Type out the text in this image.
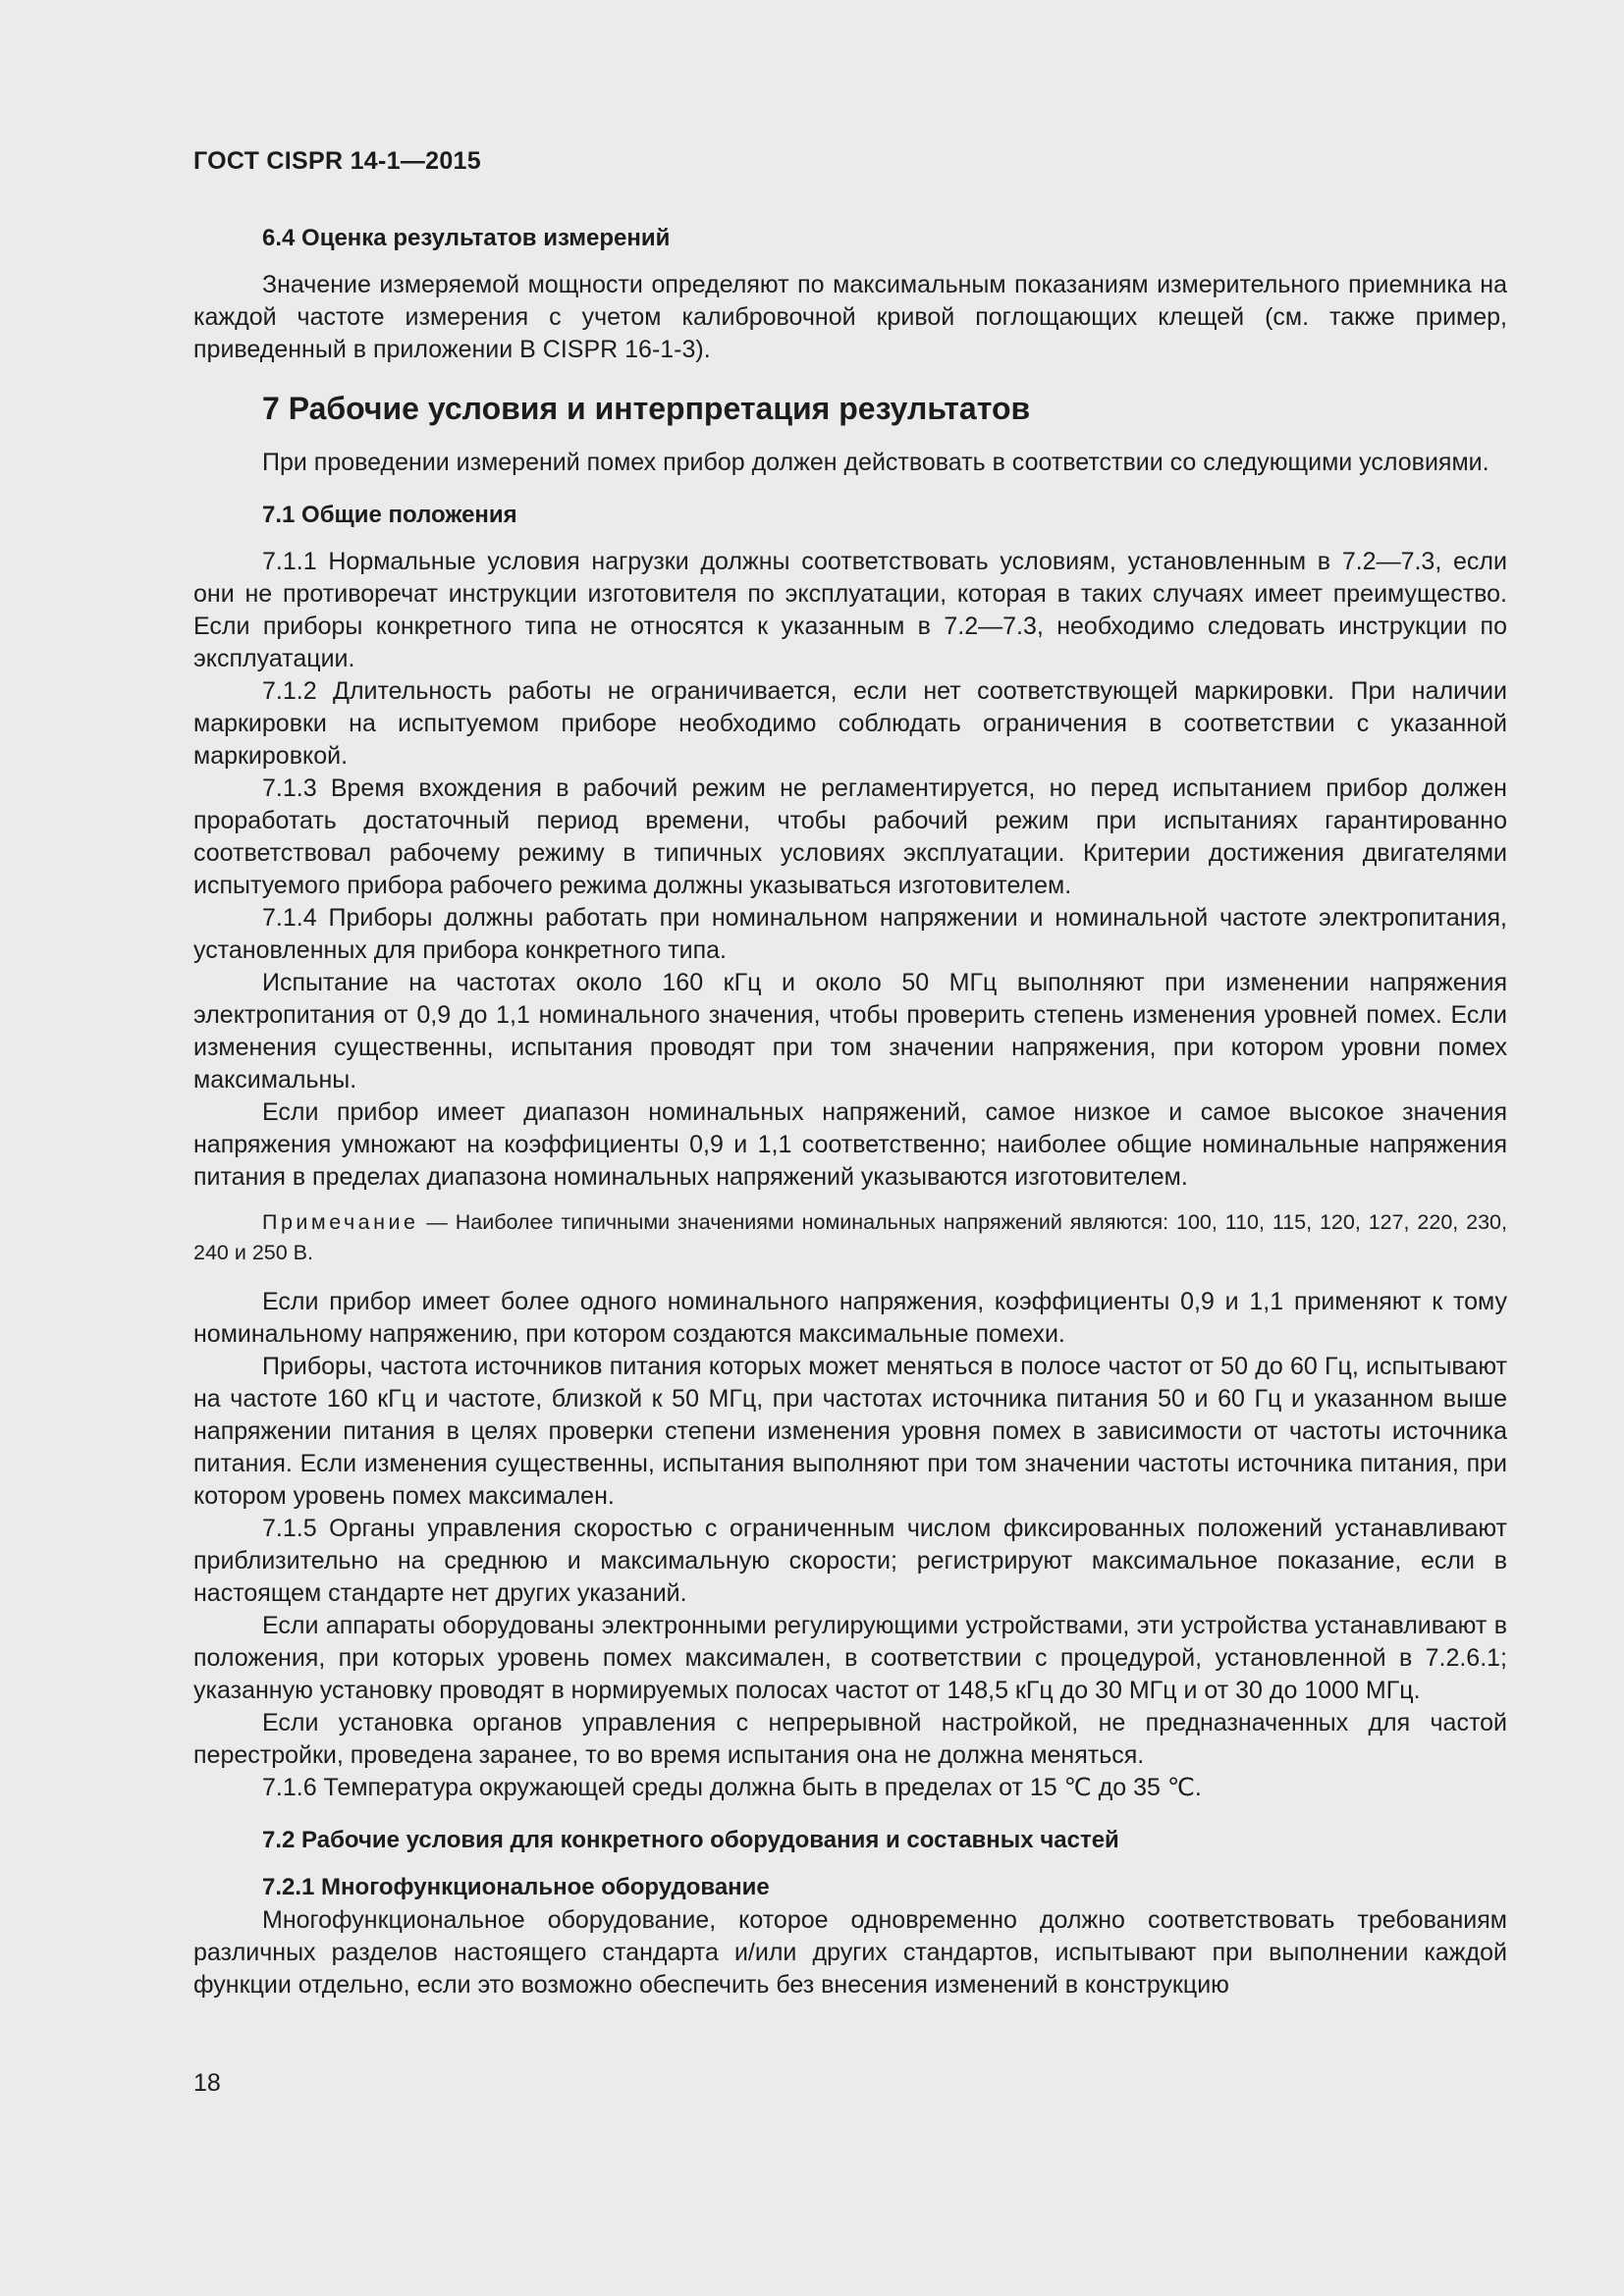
ГОСТ CISPR 14-1—2015
6.4 Оценка результатов измерений

Значение измеряемой мощности определяют по максимальным показаниям измерительного приемника на каждой частоте измерения с учетом калибровочной кривой поглощающих клещей (см. также пример, приведенный в приложении В CISPR 16-1-3).

7 Рабочие условия и интерпретация результатов

При проведении измерений помех прибор должен действовать в соответствии со следующими условиями.

7.1 Общие положения

7.1.1 Нормальные условия нагрузки должны соответствовать условиям, установленным в 7.2—7.3, если они не противоречат инструкции изготовителя по эксплуатации, которая в таких случаях имеет преимущество. Если приборы конкретного типа не относятся к указанным в 7.2—7.3, необходимо следовать инструкции по эксплуатации.

7.1.2 Длительность работы не ограничивается, если нет соответствующей маркировки. При наличии маркировки на испытуемом приборе необходимо соблюдать ограничения в соответствии с указанной маркировкой.

7.1.3 Время вхождения в рабочий режим не регламентируется, но перед испытанием прибор должен проработать достаточный период времени, чтобы рабочий режим при испытаниях гарантированно соответствовал рабочему режиму в типичных условиях эксплуатации. Критерии достижения двигателями испытуемого прибора рабочего режима должны указываться изготовителем.

7.1.4 Приборы должны работать при номинальном напряжении и номинальной частоте электропитания, установленных для прибора конкретного типа.

Испытание на частотах около 160 кГц и около 50 МГц выполняют при изменении напряжения электропитания от 0,9 до 1,1 номинального значения, чтобы проверить степень изменения уровней помех. Если изменения существенны, испытания проводят при том значении напряжения, при котором уровни помех максимальны.

Если прибор имеет диапазон номинальных напряжений, самое низкое и самое высокое значения напряжения умножают на коэффициенты 0,9 и 1,1 соответственно; наиболее общие номинальные напряжения питания в пределах диапазона номинальных напряжений указываются изготовителем.

Примечание — Наиболее типичными значениями номинальных напряжений являются: 100, 110, 115, 120, 127, 220, 230, 240 и 250 В.

Если прибор имеет более одного номинального напряжения, коэффициенты 0,9 и 1,1 применяют к тому номинальному напряжению, при котором создаются максимальные помехи.

Приборы, частота источников питания которых может меняться в полосе частот от 50 до 60 Гц, испытывают на частоте 160 кГц и частоте, близкой к 50 МГц, при частотах источника питания 50 и 60 Гц и указанном выше напряжении питания в целях проверки степени изменения уровня помех в зависимости от частоты источника питания. Если изменения существенны, испытания выполняют при том значении частоты источника питания, при котором уровень помех максимален.

7.1.5 Органы управления скоростью с ограниченным числом фиксированных положений устанавливают приблизительно на среднюю и максимальную скорости; регистрируют максимальное показание, если в настоящем стандарте нет других указаний.

Если аппараты оборудованы электронными регулирующими устройствами, эти устройства устанавливают в положения, при которых уровень помех максимален, в соответствии с процедурой, установленной в 7.2.6.1; указанную установку проводят в нормируемых полосах частот от 148,5 кГц до 30 МГц и от 30 до 1000 МГц.

Если установка органов управления с непрерывной настройкой, не предназначенных для частой перестройки, проведена заранее, то во время испытания она не должна меняться.

7.1.6 Температура окружающей среды должна быть в пределах от 15 ℃ до 35 ℃.

7.2 Рабочие условия для конкретного оборудования и составных частей
7.2.1 Многофункциональное оборудование

Многофункциональное оборудование, которое одновременно должно соответствовать требованиям различных разделов настоящего стандарта и/или других стандартов, испытывают при выполнении каждой функции отдельно, если это возможно обеспечить без внесения изменений в конструкцию

18
